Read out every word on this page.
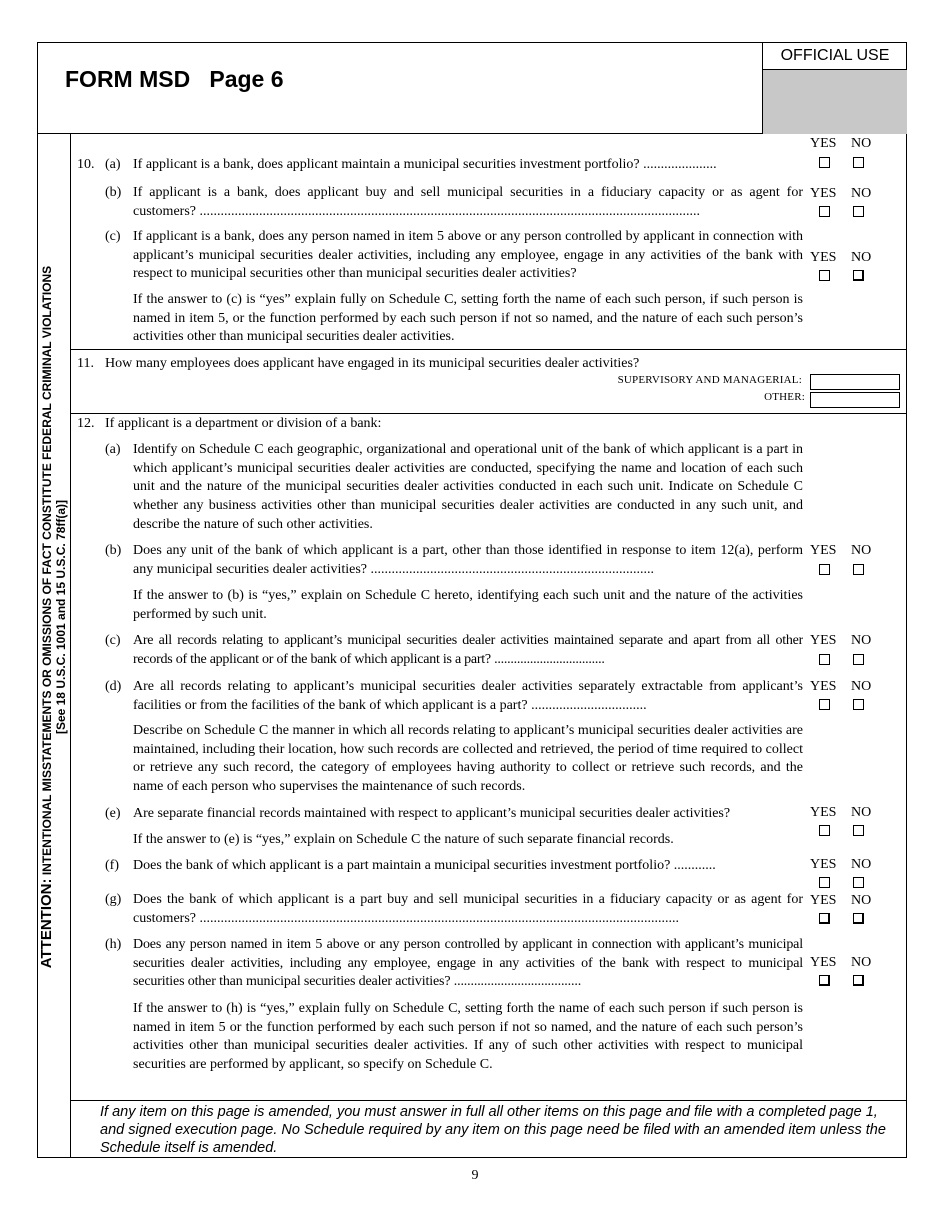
FORM MSD   Page 6
OFFICIAL USE
ATTENTION: INTENTIONAL MISSTATEMENTS OR OMISSIONS OF FACT CONSTITUTE FEDERAL CRIMINAL VIOLATIONS
[See 18 U.S.C. 1001 and 15 U.S.C. 78ff(a)]
10. (a) If applicant is a bank, does applicant maintain a municipal securities investment portfolio? .....................
(b) If applicant is a bank, does applicant buy and sell municipal securities in a fiduciary capacity or as agent for customers? ...............................................................................................................................................
(c) If applicant is a bank, does any person named in item 5 above or any person controlled by applicant in connection with applicant’s municipal securities dealer activities, including any employee, engage in any activities of the bank with respect to municipal securities other than municipal securities dealer activities?
If the answer to (c) is “yes” explain fully on Schedule C, setting forth the name of each such person, if such person is named in item 5, or the function performed by each such person if not so named, and the nature of each such person’s activities other than municipal securities dealer activities.
YES NO
YES NO
YES NO
11. How many employees does applicant have engaged in its municipal securities dealer activities?
SUPERVISORY AND MANAGERIAL:
OTHER:
12. If applicant is a department or division of a bank:
(a) Identify on Schedule C each geographic, organizational and operational unit of the bank of which applicant is a part in which applicant’s municipal securities dealer activities are conducted, specifying the name and location of each such unit and the nature of the municipal securities dealer activities conducted in each such unit. Indicate on Schedule C whether any business activities other than municipal securities dealer activities are conducted in any such unit, and describe the nature of such other activities.
(b) Does any unit of the bank of which applicant is a part, other than those identified in response to item 12(a), perform any municipal securities dealer activities? .................................................................................
If the answer to (b) is “yes,” explain on Schedule C hereto, identifying each such unit and the nature of the activities performed by such unit.
(c) Are all records relating to applicant’s municipal securities dealer activities maintained separate and apart from all other records of the applicant or of the bank of which applicant is a part? ..................................
(d) Are all records relating to applicant’s municipal securities dealer activities separately extractable from applicant’s facilities or from the facilities of the bank of which applicant is a part? .................................
Describe on Schedule C the manner in which all records relating to applicant’s municipal securities dealer activities are maintained, including their location, how such records are collected and retrieved, the period of time required to collect or retrieve any such record, the category of employees having authority to collect or retrieve such records, and the name of each person who supervises the maintenance of such records.
(e) Are separate financial records maintained with respect to applicant’s municipal securities dealer activities?
If the answer to (e) is “yes,” explain on Schedule C the nature of such separate financial records.
(f) Does the bank of which applicant is a part maintain a municipal securities investment portfolio? ............
(g) Does the bank of which applicant is a part buy and sell municipal securities in a fiduciary capacity or as agent for customers? .........................................................................................................................................
(h) Does any person named in item 5 above or any person controlled by applicant in connection with applicant’s municipal securities dealer activities, including any employee, engage in any activities of the bank with respect to municipal securities other than municipal securities dealer activities? ......................................
If the answer to (h) is “yes,” explain fully on Schedule C, setting forth the name of each such person if such person is named in item 5 or the function performed by each such person if not so named, and the nature of each such person’s activities other than municipal securities dealer activities. If any of such other activities with respect to municipal securities are performed by applicant, so specify on Schedule C.
YES NO
YES NO
YES NO
YES NO
YES NO
YES NO
YES NO
If any item on this page is amended, you must answer in full all other items on this page and file with a completed page 1, and signed execution page. No Schedule required by any item on this page need be filed with an amended item unless the Schedule itself is amended.
9
